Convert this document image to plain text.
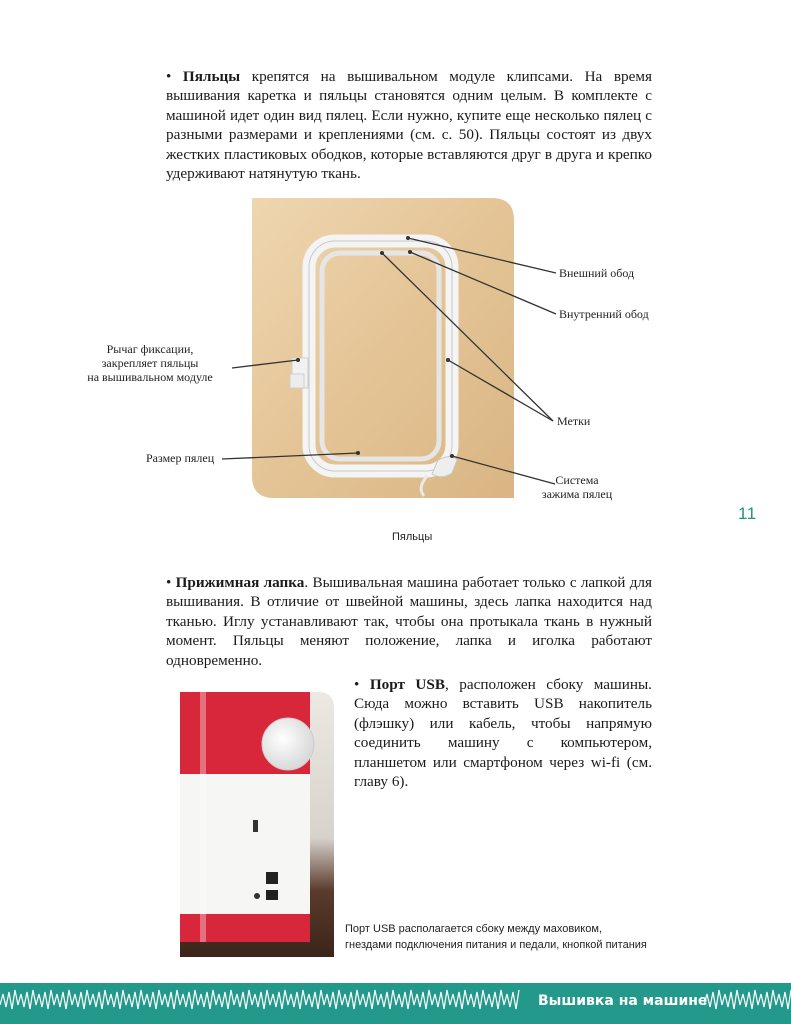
• Пяльцы крепятся на вышивальном модуле клипсами. На время вышивания каретка и пяльцы становятся одним целым. В комплекте с машиной идет один вид пялец. Если нужно, купите еще несколько пялец с разными размерами и креплениями (см. с. 50). Пяльцы состоят из двух жестких пластиковых ободков, которые вставляются друг в друга и крепко удерживают натянутую ткань.
Внешний обод
Внутренний обод
Метки
Система
зажима пялец
Рычаг фиксации,
закрепляет пяльцы
на вышивальном модуле
Размер пялец
Пяльцы
11
• Прижимная лапка. Вышивальная машина работает только с лапкой для вышивания. В отличие от швейной машины, здесь лапка находится над тканью. Иглу устанавливают так, чтобы она протыкала ткань в нужный момент. Пяльцы меняют положение, лапка и иголка работают одновременно.
• Порт USB, расположен сбоку машины. Сюда можно вставить USB накопитель (флэшку) или кабель, чтобы напрямую соединить машину с компьютером, планшетом или смартфоном через wi-fi (см. главу 6).
Порт USB располагается сбоку между маховиком,
гнездами подключения питания и педали, кнопкой питания
Вышивка на машине
